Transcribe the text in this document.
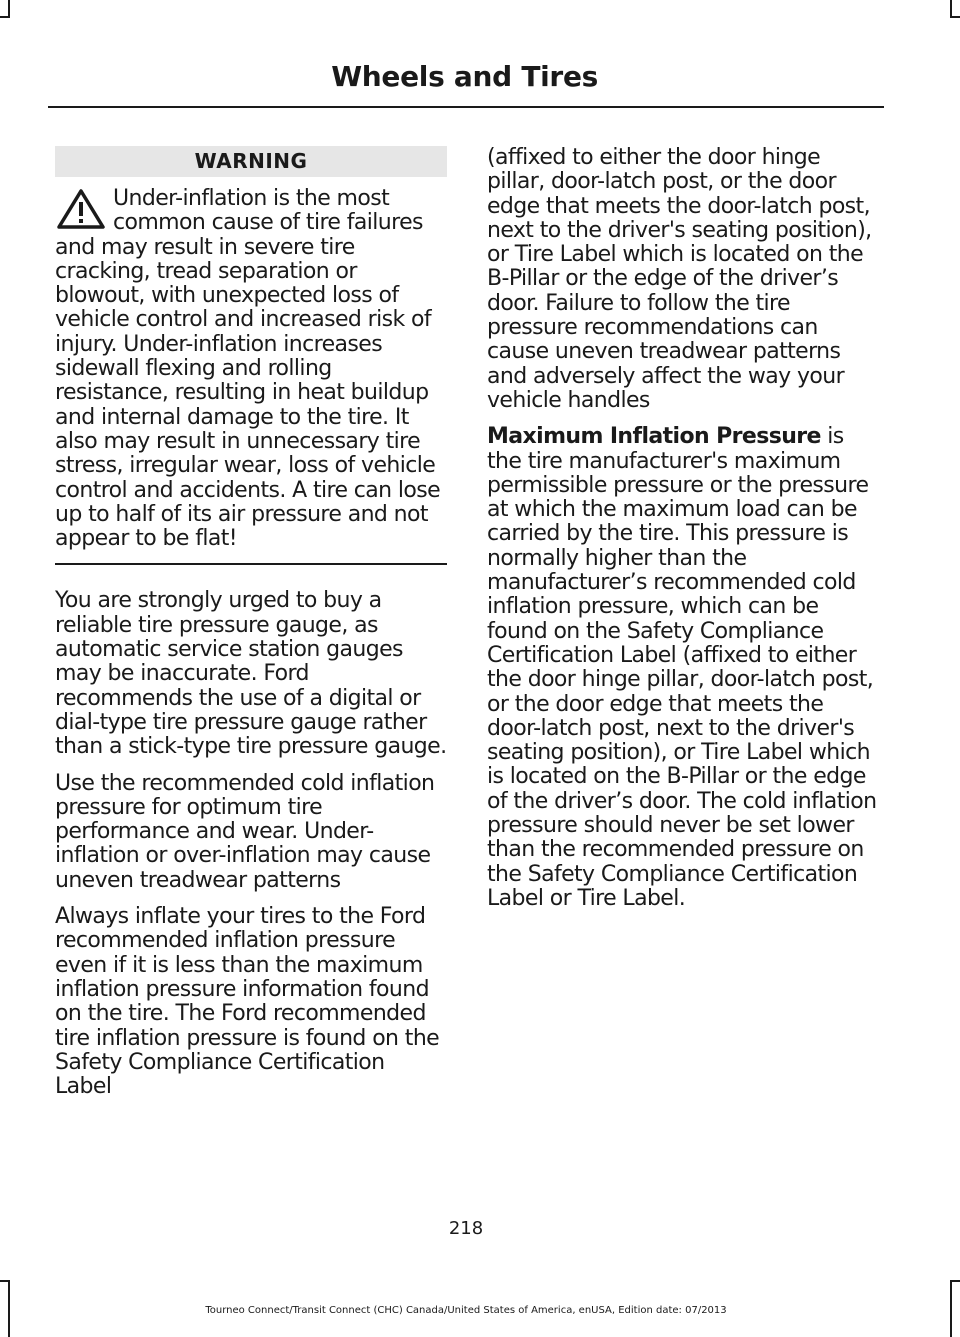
Wheels and Tires
WARNING
Under-inflation is the most common cause of tire failures and may result in severe tire cracking, tread separation or blowout, with unexpected loss of vehicle control and increased risk of injury. Under-inflation increases sidewall flexing and rolling resistance, resulting in heat buildup and internal damage to the tire. It also may result in unnecessary tire stress, irregular wear, loss of vehicle control and accidents. A tire can lose up to half of its air pressure and not appear to be flat!

You are strongly urged to buy a reliable tire pressure gauge, as automatic service station gauges may be inaccurate. Ford recommends the use of a digital or dial-type tire pressure gauge rather than a stick-type tire pressure gauge.

Use the recommended cold inflation pressure for optimum tire performance and wear. Under-inflation or over-inflation may cause uneven treadwear patterns

Always inflate your tires to the Ford recommended inflation pressure even if it is less than the maximum inflation pressure information found on the tire. The Ford recommended tire inflation pressure is found on the Safety Compliance Certification Label

(affixed to either the door hinge pillar, door-latch post, or the door edge that meets the door-latch post, next to the driver's seating position), or Tire Label which is located on the B-Pillar or the edge of the driver’s door. Failure to follow the tire pressure recommendations can cause uneven treadwear patterns and adversely affect the way your vehicle handles

Maximum Inflation Pressure is the tire manufacturer's maximum permissible pressure or the pressure at which the maximum load can be carried by the tire. This pressure is normally higher than the manufacturer’s recommended cold inflation pressure, which can be found on the Safety Compliance Certification Label (affixed to either the door hinge pillar, door-latch post, or the door edge that meets the door-latch post, next to the driver's seating position), or Tire Label which is located on the B-Pillar or the edge of the driver’s door. The cold inflation pressure should never be set lower than the recommended pressure on the Safety Compliance Certification Label or Tire Label.

218
Tourneo Connect/Transit Connect (CHC) Canada/United States of America, enUSA, Edition date: 07/2013
